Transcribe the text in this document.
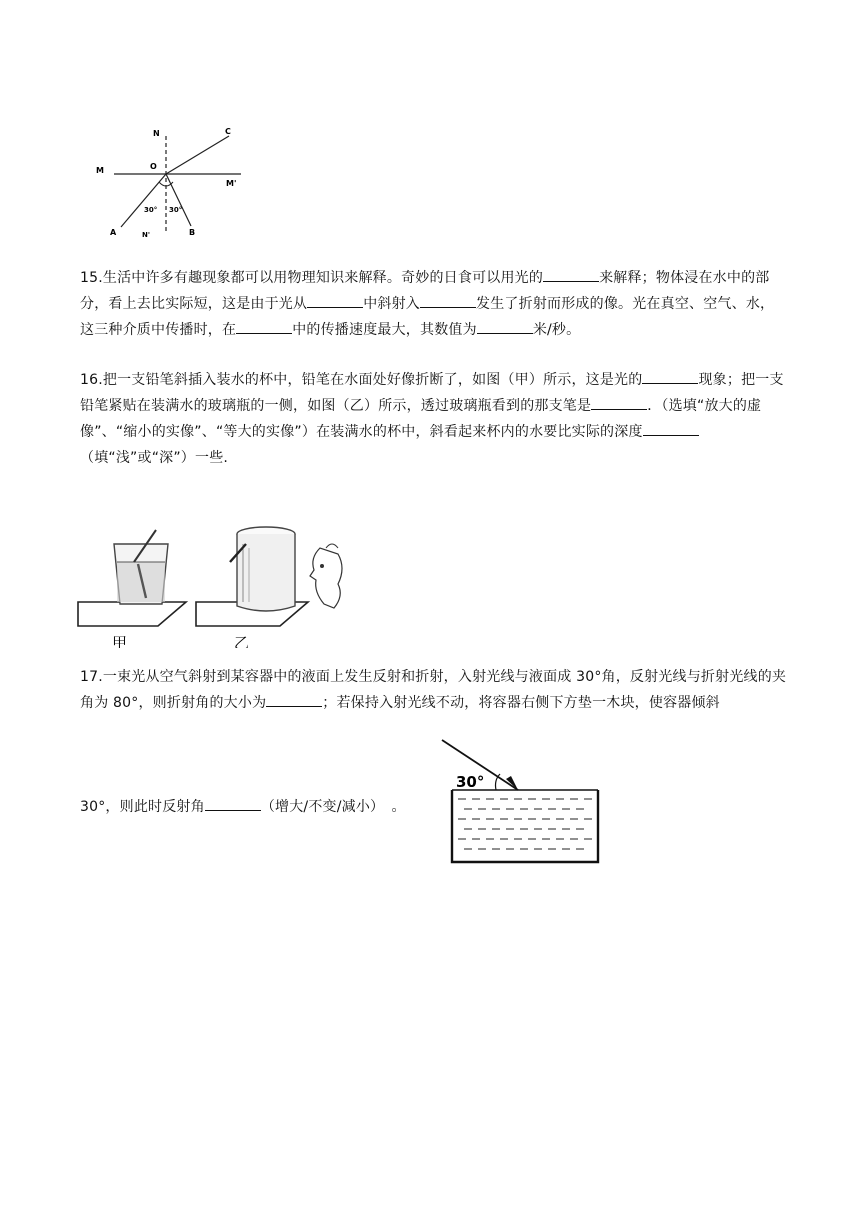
N	C
M	O
M'
A	N'	B
30° 30°

15.生活中许多有趣现象都可以用物理知识来解释。奇妙的日食可以用光的	来解释；物体浸在水中的部分，看上去比实际短，这是由于光从	中斜射入	发生了折射而形成的像。光在真空、空气、水，这三种介质中传播时，在	中的传播速度最大，其数值为	米/秒。

16.把一支铅笔斜插入装水的杯中，铅笔在水面处好像折断了，如图（甲）所示，这是光的	现象；把一支铅笔紧贴在装满水的玻璃瓶的一侧，如图（乙）所示，透过玻璃瓶看到的那支笔是	．（选填“放大的虚像”、“缩小的实像”、“等大的实像”）在装满水的杯中，斜看起来杯内的水要比实际的深度（填“浅”或“深”）一些.

甲	乙

17.一束光从空气斜射到某容器中的液面上发生反射和折射，入射光线与液面成 30°角，反射光线与折射光线的夹角为 80°，则折射角的大小为	；若保持入射光线不动，将容器右侧下方垫一木块，使容器倾斜

30°，则此时反射角	（增大/不变/减小）　。

30°
